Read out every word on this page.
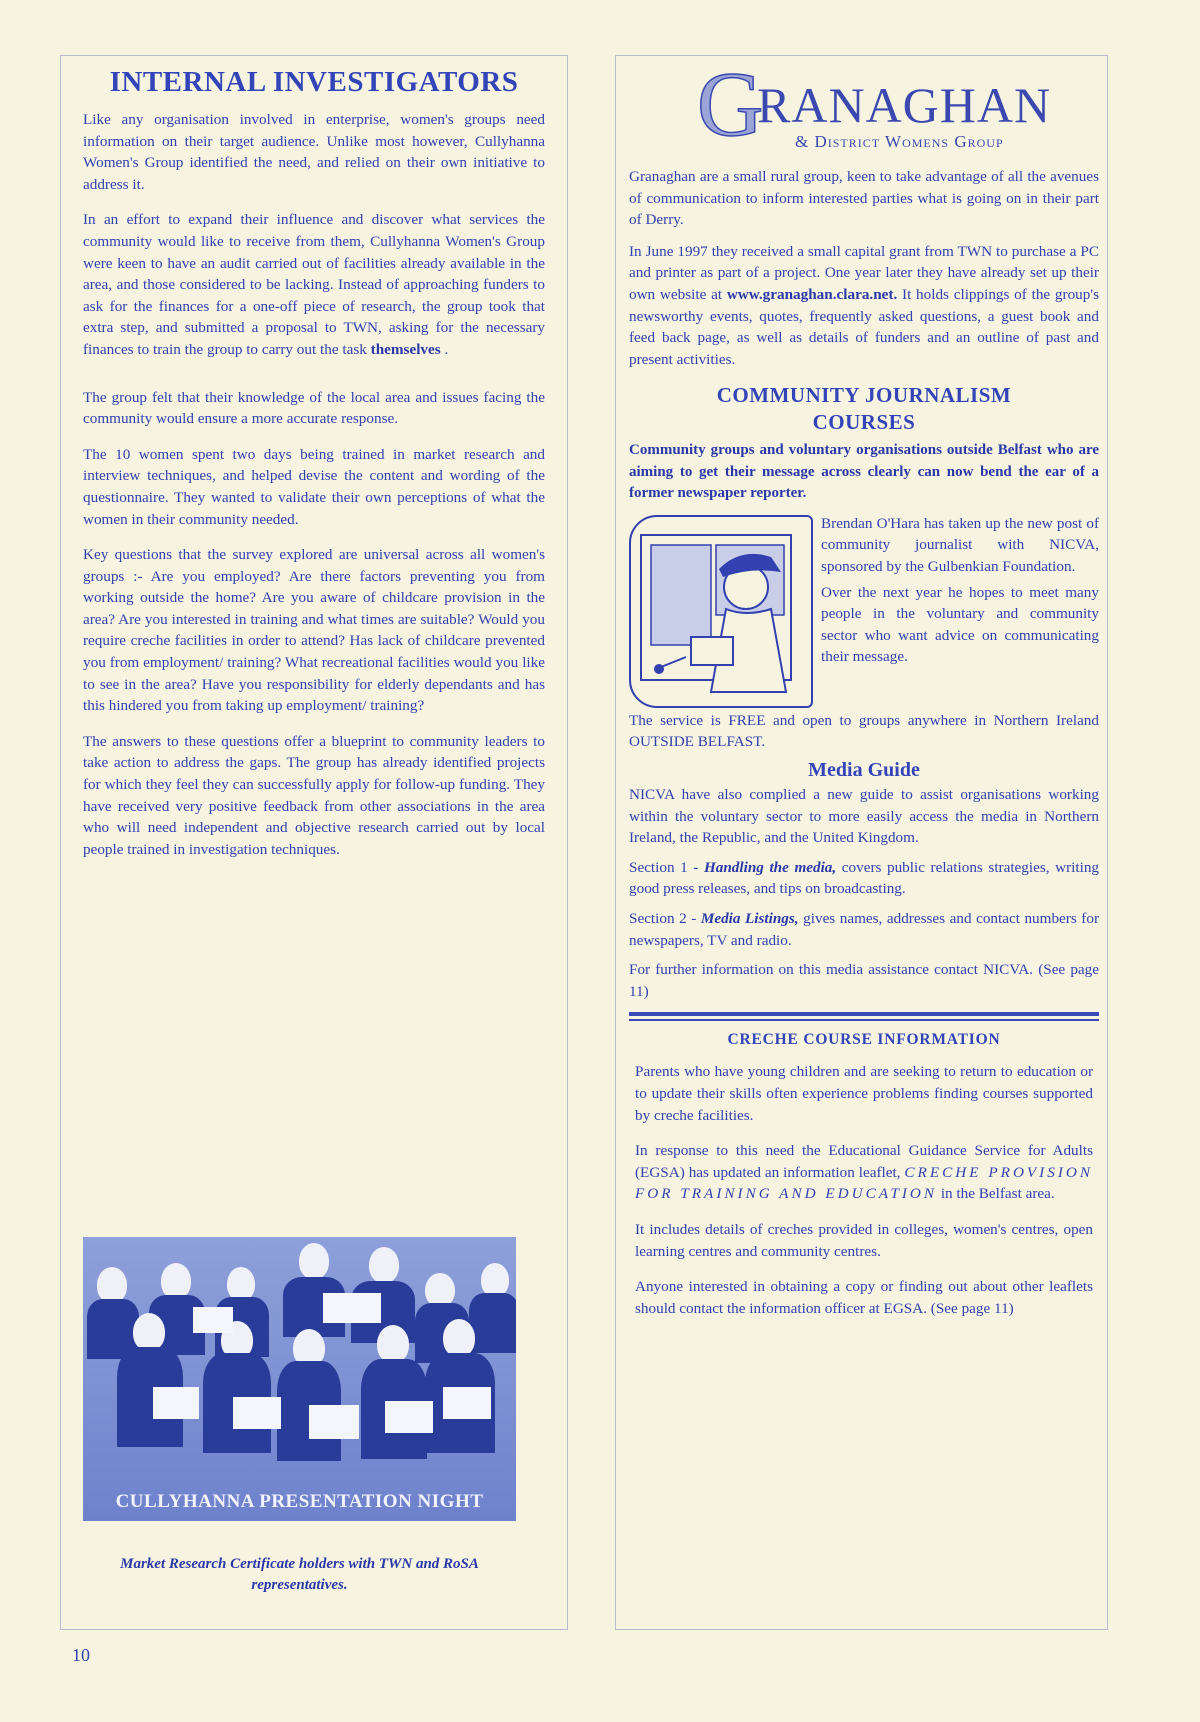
INTERNAL INVESTIGATORS

Like any organisation involved in enterprise, women's groups need information on their target audience. Unlike most however, Cullyhanna Women's Group identified the need, and relied on their own initiative to address it.

In an effort to expand their influence and discover what services the community would like to receive from them, Cullyhanna Women's Group were keen to have an audit carried out of facilities already available in the area, and those considered to be lacking. Instead of approaching funders to ask for the finances for a one-off piece of research, the group took that extra step, and submitted a proposal to TWN, asking for the necessary finances to train the group to carry out the task themselves .

The group felt that their knowledge of the local area and issues facing the community would ensure a more accurate response.

The 10 women spent two days being trained in market research and interview techniques, and helped devise the content and wording of the questionnaire. They wanted to validate their own perceptions of what the women in their community needed.

Key questions that the survey explored are universal across all women's groups :- Are you employed? Are there factors preventing you from working outside the home? Are you aware of childcare provision in the area? Are you interested in training and what times are suitable? Would you require creche facilities in order to attend? Has lack of childcare prevented you from employment/ training? What recreational facilities would you like to see in the area? Have you responsibility for elderly dependants and has this hindered you from taking up employment/ training?

The answers to these questions offer a blueprint to community leaders to take action to address the gaps. The group has already identified projects for which they feel they can successfully apply for follow-up funding. They have received very positive feedback from other associations in the area who will need independent and objective research carried out by local people trained in investigation techniques.

CULLYHANNA PRESENTATION NIGHT
Market Research Certificate holders with TWN and RoSA representatives.
G
RANAGHAN
& District Womens Group

Granaghan are a small rural group, keen to take advantage of all the avenues of communication to inform interested parties what is going on in their part of Derry.

In June 1997 they received a small capital grant from TWN to purchase a PC and printer as part of a project. One year later they have already set up their own website at www.granaghan.clara.net. It holds clippings of the group's newsworthy events, quotes, frequently asked questions, a guest book and feed back page, as well as details of funders and an outline of past and present activities.

COMMUNITY JOURNALISM COURSES

Community groups and voluntary organisations outside Belfast who are aiming to get their message across clearly can now bend the ear of a former newspaper reporter.

Brendan O'Hara has taken up the new post of community journalist with NICVA, sponsored by the Gulbenkian Foundation.

Over the next year he hopes to meet many people in the voluntary and community sector who want advice on communicating their message.

The service is FREE and open to groups anywhere in Northern Ireland OUTSIDE BELFAST.

Media Guide

NICVA have also complied a new guide to assist organisations working within the voluntary sector to more easily access the media in Northern Ireland, the Republic, and the United Kingdom.

Section 1 - Handling the media, covers public relations strategies, writing good press releases, and tips on broadcasting.

Section 2 - Media Listings, gives names, addresses and contact numbers for newspapers, TV and radio.

For further information on this media assistance contact NICVA. (See page 11)

CRECHE COURSE INFORMATION

Parents who have young children and are seeking to return to education or to update their skills often experience problems finding courses supported by creche facilities.

In response to this need the Educational Guidance Service for Adults (EGSA) has updated an information leaflet, CRECHE PROVISION FOR TRAINING AND EDUCATION in the Belfast area.

It includes details of creches provided in colleges, women's centres, open learning centres and community centres.

Anyone interested in obtaining a copy or finding out about other leaflets should contact the information officer at EGSA. (See page 11)

10
